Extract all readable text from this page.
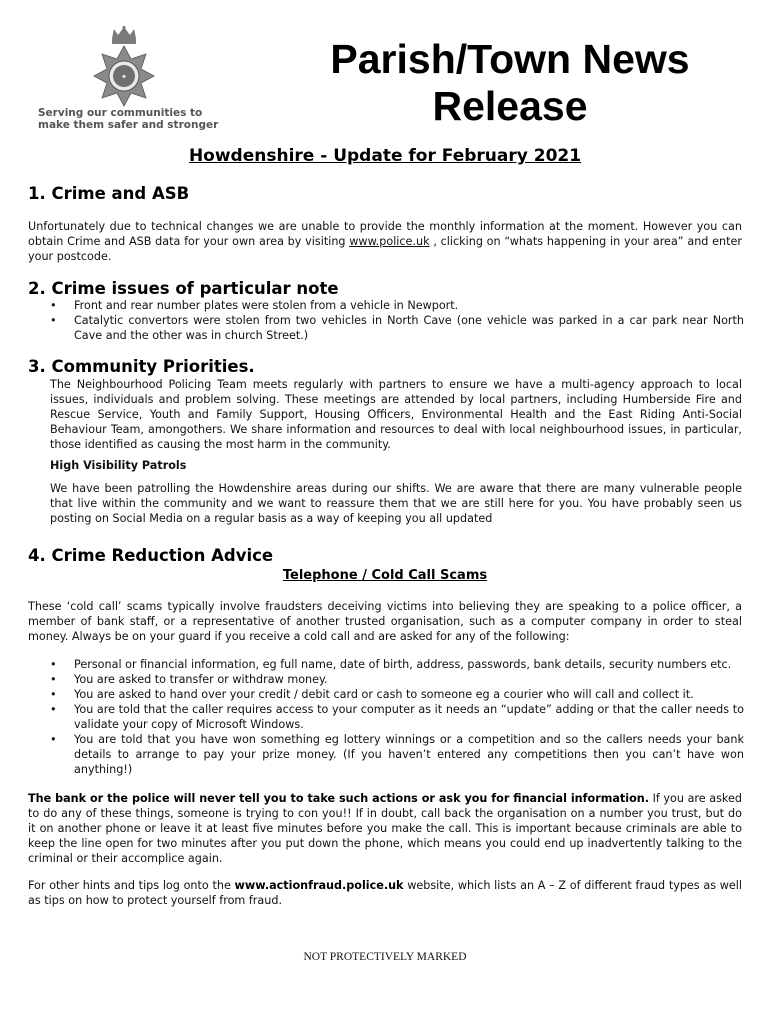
✦
Serving our communities to
make them safer and stronger
Parish/Town News
Release
Howdenshire - Update for February 2021
1. Crime and ASB
Unfortunately due to technical changes we are unable to provide the monthly information at the moment. However you can obtain Crime and ASB data for your own area by visiting www.police.uk , clicking on “whats happening in your area” and enter your postcode.
2. Crime issues of particular note
• Front and rear number plates were stolen from a vehicle in Newport.
• Catalytic convertors were stolen from two vehicles in North Cave (one vehicle was parked in a car park near North Cave and the other was in church Street.)
3. Community Priorities.
The Neighbourhood Policing Team meets regularly with partners to ensure we have a multi-agency approach to local issues, individuals and problem solving. These meetings are attended by local partners, including Humberside Fire and Rescue Service, Youth and Family Support, Housing Officers, Environmental Health and the East Riding Anti-Social Behaviour Team, amongothers. We share information and resources to deal with local neighbourhood issues, in particular, those identified as causing the most harm in the community.
High Visibility Patrols
We have been patrolling the Howdenshire areas during our shifts. We are aware that there are many vulnerable people that live within the community and we want to reassure them that we are still here for you. You have probably seen us posting on Social Media on a regular basis as a way of keeping you all updated
4. Crime Reduction Advice
Telephone / Cold Call Scams
These ‘cold call’ scams typically involve fraudsters deceiving victims into believing they are speaking to a police officer, a member of bank staff, or a representative of another trusted organisation, such as a computer company in order to steal money. Always be on your guard if you receive a cold call and are asked for any of the following:
• Personal or financial information, eg full name, date of birth, address, passwords, bank details, security numbers etc.
• You are asked to transfer or withdraw money.
• You are asked to hand over your credit / debit card or cash to someone eg a courier who will call and collect it.
• You are told that the caller requires access to your computer as it needs an “update” adding or that the caller needs to validate your copy of Microsoft Windows.
• You are told that you have won something eg lottery winnings or a competition and so the callers needs your bank details to arrange to pay your prize money. (If you haven’t entered any competitions then you can’t have won anything!)
The bank or the police will never tell you to take such actions or ask you for financial information. If you are asked to do any of these things, someone is trying to con you!! If in doubt, call back the organisation on a number you trust, but do it on another phone or leave it at least five minutes before you make the call. This is important because criminals are able to keep the line open for two minutes after you put down the phone, which means you could end up inadvertently talking to the criminal or their accomplice again.
For other hints and tips log onto the www.actionfraud.police.uk website, which lists an A – Z of different fraud types as well as tips on how to protect yourself from fraud.
NOT PROTECTIVELY MARKED
